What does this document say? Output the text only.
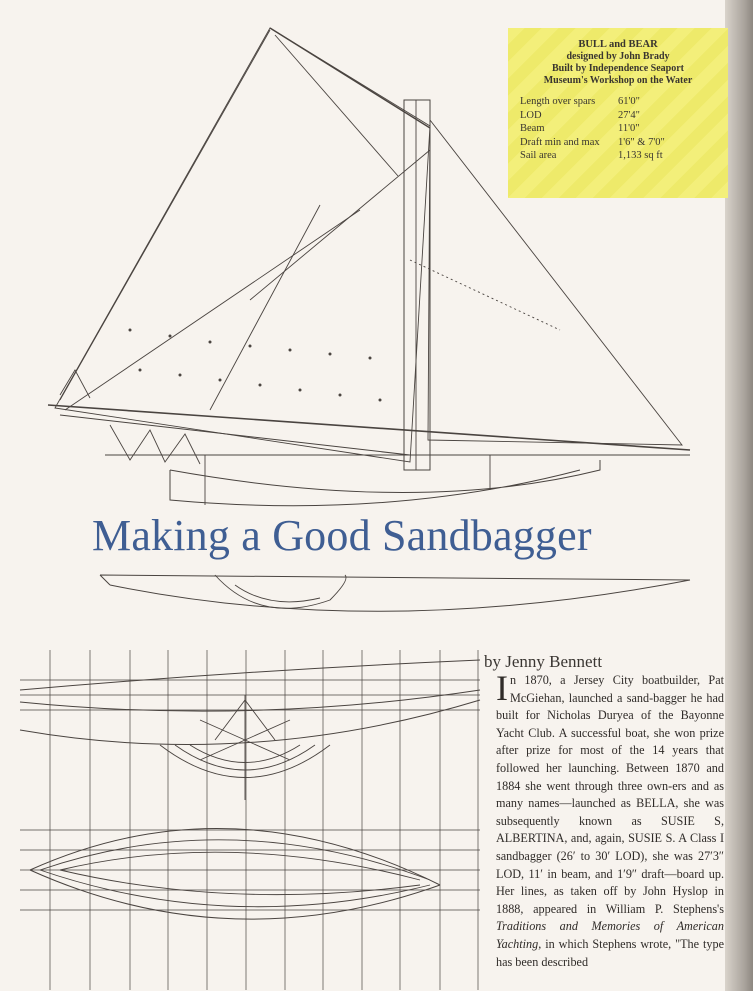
BULL and BEAR
designed by John Brady
Built by Independence Seaport
Museum's Workshop on the Water
Length over spars	61'0"
LOD	27'4"
Beam	11'0"
Draft min and max	1'6" & 7'0"
Sail area	1,133 sq ft
Making a Good Sandbagger
by Jenny Bennett
In 1870, a Jersey City boatbuilder, Pat McGiehan, launched a sand-bagger he had built for Nicholas Duryea of the Bayonne Yacht Club. A successful boat, she won prize after prize for most of the 14 years that followed her launching. Between 1870 and 1884 she went through three own-ers and as many names—launched as BELLA, she was subsequently known as SUSIE S, ALBERTINA, and, again, SUSIE S. A Class I sandbagger (26′ to 30′ LOD), she was 27′3″ LOD, 11′ in beam, and 1′9″ draft—board up. Her lines, as taken off by John Hyslop in 1888, appeared in William P. Stephens's Traditions and Memories of American Yachting, in which Stephens wrote, "The type has been described
